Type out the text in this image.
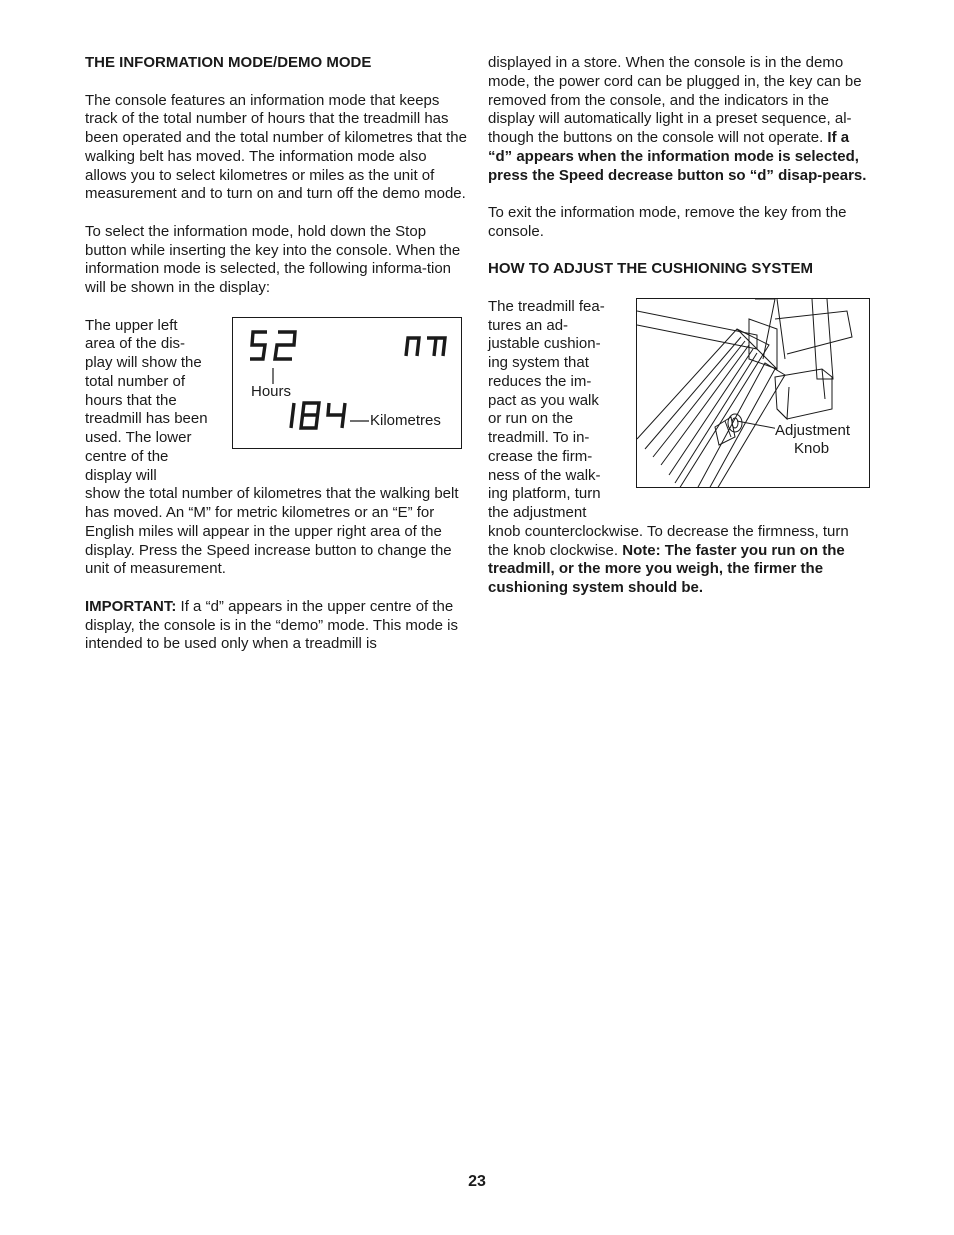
THE INFORMATION MODE/DEMO MODE

The console features an information mode that keeps track of the total number of hours that the treadmill has been operated and the total number of kilometres that the walking belt has moved. The information mode also allows you to select kilometres or miles as the unit of measurement and to turn on and turn off the demo mode.

To select the information mode, hold down the Stop button while inserting the key into the console. When the information mode is selected, the following informa-tion will be shown in the display:

The upper left area of the dis-play will show the total number of hours that the treadmill has been used. The lower centre of the display will
Hours
Kilometres

show the total number of kilometres that the walking belt has moved. An “M” for metric kilometres or an “E” for English miles will appear in the upper right area of the display. Press the Speed increase button to change the unit of measurement.

IMPORTANT: If a “d” appears in the upper centre of the display, the console is in the “demo” mode. This mode is intended to be used only when a treadmill is

displayed in a store. When the console is in the demo mode, the power cord can be plugged in, the key can be removed from the console, and the indicators in the display will automatically light in a preset sequence, al-though the buttons on the console will not operate. If a “d” appears when the information mode is selected, press the Speed decrease button so “d” disap-pears.

To exit the information mode, remove the key from the console.

HOW TO ADJUST THE CUSHIONING SYSTEM
The treadmill fea-tures an ad-justable cushion-ing system that reduces the im-pact as you walk or run on the treadmill. To in-crease the firm-ness of the walk-ing platform, turn the adjustment
Adjustment
Knob

knob counterclockwise. To decrease the firmness, turn the knob clockwise. Note: The faster you run on the treadmill, or the more you weigh, the firmer the cushioning system should be.

23
